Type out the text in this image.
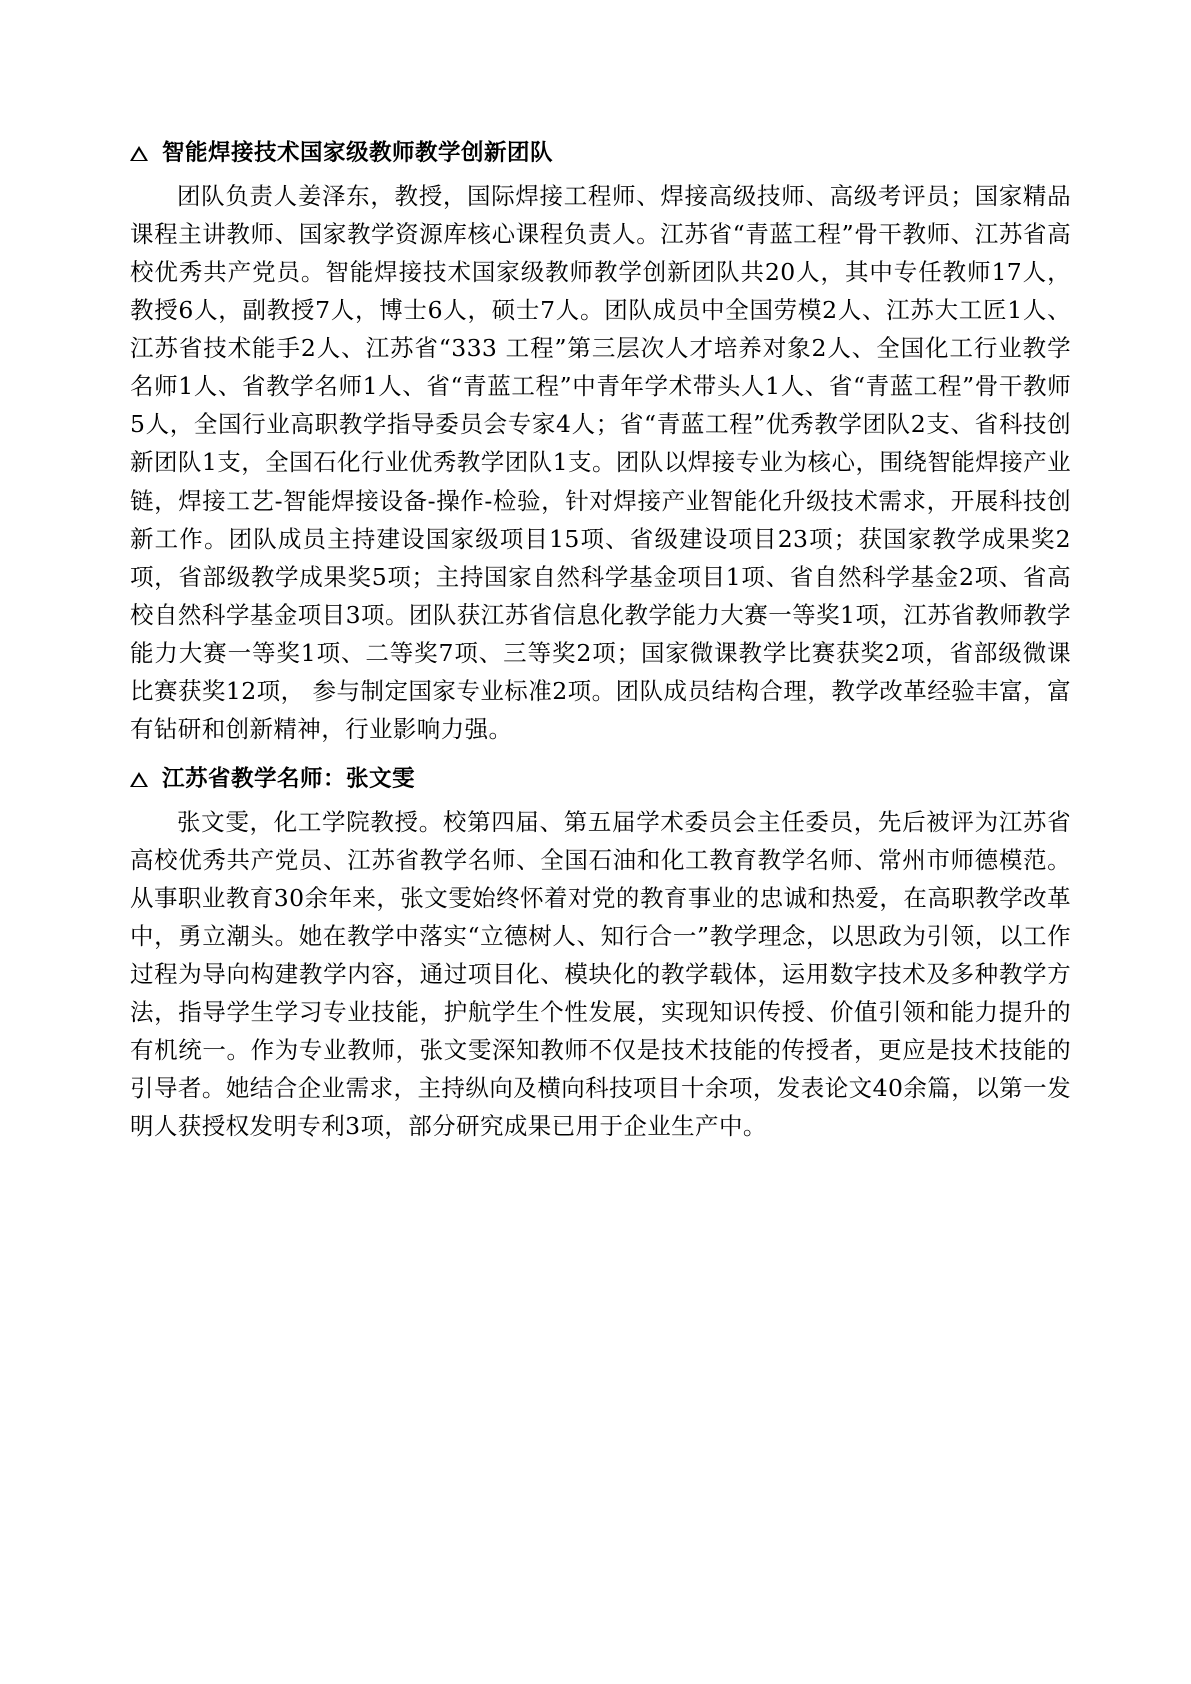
智能焊接技术国家级教师教学创新团队

团队负责人姜泽东，教授，国际焊接工程师、焊接高级技师、高级考评员；国家精品课程主讲教师、国家教学资源库核心课程负责人。江苏省“青蓝工程”骨干教师、江苏省高校优秀共产党员。智能焊接技术国家级教师教学创新团队共20人，其中专任教师17人，教授6人，副教授7人，博士6人，硕士7人。团队成员中全国劳模2人、江苏大工匠1人、江苏省技术能手2人、江苏省“333 工程”第三层次人才培养对象2人、全国化工行业教学名师1人、省教学名师1人、省“青蓝工程”中青年学术带头人1人、省“青蓝工程”骨干教师5人，全国行业高职教学指导委员会专家4人；省“青蓝工程”优秀教学团队2支、省科技创新团队1支，全国石化行业优秀教学团队1支。团队以焊接专业为核心，围绕智能焊接产业链，焊接工艺-智能焊接设备-操作-检验，针对焊接产业智能化升级技术需求，开展科技创新工作。团队成员主持建设国家级项目15项、省级建设项目23项；获国家教学成果奖2项，省部级教学成果奖5项；主持国家自然科学基金项目1项、省自然科学基金2项、省高校自然科学基金项目3项。团队获江苏省信息化教学能力大赛一等奖1项，江苏省教师教学能力大赛一等奖1项、二等奖7项、三等奖2项；国家微课教学比赛获奖2项，省部级微课比赛获奖12项， 参与制定国家专业标准2项。团队成员结构合理，教学改革经验丰富，富有钻研和创新精神，行业影响力强。

江苏省教学名师：张文雯

张文雯，化工学院教授。校第四届、第五届学术委员会主任委员，先后被评为江苏省高校优秀共产党员、江苏省教学名师、全国石油和化工教育教学名师、常州市师德模范。从事职业教育30余年来，张文雯始终怀着对党的教育事业的忠诚和热爱，在高职教学改革中，勇立潮头。她在教学中落实“立德树人、知行合一”教学理念，以思政为引领，以工作过程为导向构建教学内容，通过项目化、模块化的教学载体，运用数字技术及多种教学方法，指导学生学习专业技能，护航学生个性发展，实现知识传授、价值引领和能力提升的有机统一。作为专业教师，张文雯深知教师不仅是技术技能的传授者，更应是技术技能的引导者。她结合企业需求，主持纵向及横向科技项目十余项，发表论文40余篇，以第一发明人获授权发明专利3项，部分研究成果已用于企业生产中。
